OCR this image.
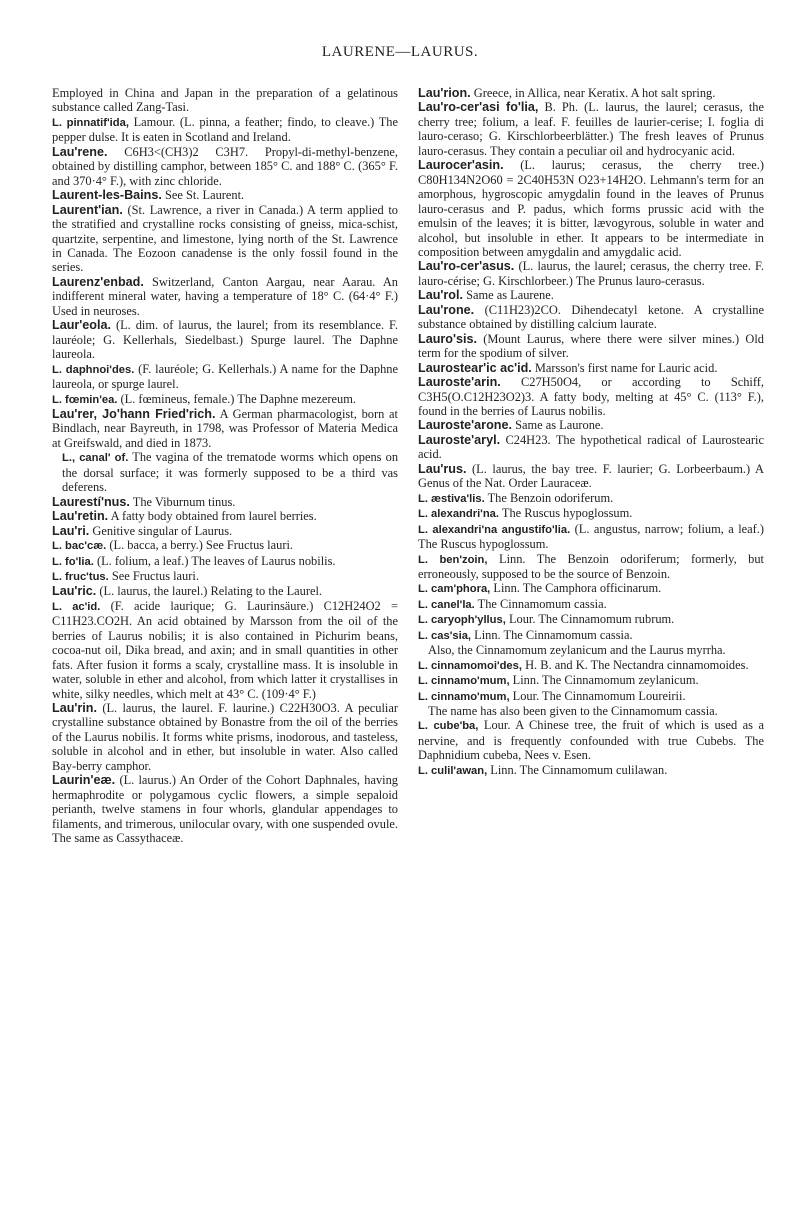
LAURENE—LAURUS.

Employed in China and Japan in the preparation of a gelatinous substance called Zang-Tasi.

L. pinnatif'ida, Lamour. (L. pinna, a feather; findo, to cleave.) The pepper dulse. It is eaten in Scotland and Ireland.

Lau'rene. C6H3<(CH3)2 C3H7. Propyl-di-methyl-benzene, obtained by distilling camphor, between 185° C. and 188° C. (365° F. and 370·4° F.), with zinc chloride.

Laurent-les-Bains. See St. Laurent.

Laurent'ian. (St. Lawrence, a river in Canada.) A term applied to the stratified and crystalline rocks consisting of gneiss, mica-schist, quartzite, serpentine, and limestone, lying north of the St. Lawrence in Canada. The Eozoon canadense is the only fossil found in the series.

Laurenz'enbad. Switzerland, Canton Aargau, near Aarau. An indifferent mineral water, having a temperature of 18° C. (64·4° F.) Used in neuroses.

Laur'eola. (L. dim. of laurus, the laurel; from its resemblance. F. lauréole; G. Kellerhals, Siedelbast.) Spurge laurel. The Daphne laureola.

L. daphnoi'des. (F. lauréole; G. Kellerhals.) A name for the Daphne laureola, or spurge laurel.

L. fœmin'ea. (L. fœmineus, female.) The Daphne mezereum.

Lau'rer, Jo'hann Fried'rich. A German pharmacologist, born at Bindlach, near Bayreuth, in 1798, was Professor of Materia Medica at Greifswald, and died in 1873.

L., canal' of. The vagina of the trematode worms which opens on the dorsal surface; it was formerly supposed to be a third vas deferens.

Laurestí'nus. The Viburnum tinus.

Lau'retin. A fatty body obtained from laurel berries.

Lau'ri. Genitive singular of Laurus.

L. bac'cæ. (L. bacca, a berry.) See Fructus lauri.

L. fo'lia. (L. folium, a leaf.) The leaves of Laurus nobilis.

L. fruc'tus. See Fructus lauri.

Lau'ric. (L. laurus, the laurel.) Relating to the Laurel.

L. ac'id. (F. acide laurique; G. Laurinsäure.) C12H24O2 = C11H23.CO2H. An acid obtained by Marsson from the oil of the berries of Laurus nobilis; it is also contained in Pichurim beans, cocoa-nut oil, Dika bread, and axin; and in small quantities in other fats. After fusion it forms a scaly, crystalline mass. It is insoluble in water, soluble in ether and alcohol, from which latter it crystallises in white, silky needles, which melt at 43° C. (109·4° F.)

Lau'rin. (L. laurus, the laurel. F. laurine.) C22H30O3. A peculiar crystalline substance obtained by Bonastre from the oil of the berries of the Laurus nobilis. It forms white prisms, inodorous, and tasteless, soluble in alcohol and in ether, but insoluble in water. Also called Bay-berry camphor.

Laurin'eæ. (L. laurus.) An Order of the Cohort Daphnales, having hermaphrodite or polygamous cyclic flowers, a simple sepaloid perianth, twelve stamens in four whorls, glandular appendages to filaments, and trimerous, unilocular ovary, with one suspended ovule. The same as Cassythaceæ.

Lau'rion. Greece, in Allica, near Keratix. A hot salt spring.

Lau'ro-cer'asi fo'lia, B. Ph. (L. laurus, the laurel; cerasus, the cherry tree; folium, a leaf. F. feuilles de laurier-cerise; I. foglia di lauro-ceraso; G. Kirschlorbeerblätter.) The fresh leaves of Prunus lauro-cerasus. They contain a peculiar oil and hydrocyanic acid.

Laurocer'asin. (L. laurus; cerasus, the cherry tree.) C80H134N2O60 = 2C40H53N O23+14H2O. Lehmann's term for an amorphous, hygroscopic amygdalin found in the leaves of Prunus lauro-cerasus and P. padus, which forms prussic acid with the emulsin of the leaves; it is bitter, lævogyrous, soluble in water and alcohol, but insoluble in ether. It appears to be intermediate in composition between amygdalin and amygdalic acid.

Lau'ro-cer'asus. (L. laurus, the laurel; cerasus, the cherry tree. F. lauro-cérise; G. Kirschlorbeer.) The Prunus lauro-cerasus.

Lau'rol. Same as Laurene.

Lau'rone. (C11H23)2CO. Dihendecatyl ketone. A crystalline substance obtained by distilling calcium laurate.

Lauro'sis. (Mount Laurus, where there were silver mines.) Old term for the spodium of silver.

Laurostear'ic ac'id. Marsson's first name for Lauric acid.

Lauroste'arin. C27H50O4, or according to Schiff, C3H5(O.C12H23O2)3. A fatty body, melting at 45° C. (113° F.), found in the berries of Laurus nobilis.

Lauroste'arone. Same as Laurone.

Lauroste'aryl. C24H23. The hypothetical radical of Laurostearic acid.

Lau'rus. (L. laurus, the bay tree. F. laurier; G. Lorbeerbaum.) A Genus of the Nat. Order Lauraceæ.

L. æstiva'lis. The Benzoin odoriferum.

L. alexandri'na. The Ruscus hypoglossum.

L. alexandri'na angustifo'lia. (L. angustus, narrow; folium, a leaf.) The Ruscus hypoglossum.

L. ben'zoin, Linn. The Benzoin odoriferum; formerly, but erroneously, supposed to be the source of Benzoin.

L. cam'phora, Linn. The Camphora officinarum.

L. canel'la. The Cinnamomum cassia.

L. caryoph'yllus, Lour. The Cinnamomum rubrum.

L. cas'sia, Linn. The Cinnamomum cassia.

Also, the Cinnamomum zeylanicum and the Laurus myrrha.

L. cinnamomoi'des, H. B. and K. The Nectandra cinnamomoides.

L. cinnamo'mum, Linn. The Cinnamomum zeylanicum.

L. cinnamo'mum, Lour. The Cinnamomum Loureirii.

The name has also been given to the Cinnamomum cassia.

L. cube'ba, Lour. A Chinese tree, the fruit of which is used as a nervine, and is frequently confounded with true Cubebs. The Daphnidium cubeba, Nees v. Esen.

L. culil'awan, Linn. The Cinnamomum culilawan.
